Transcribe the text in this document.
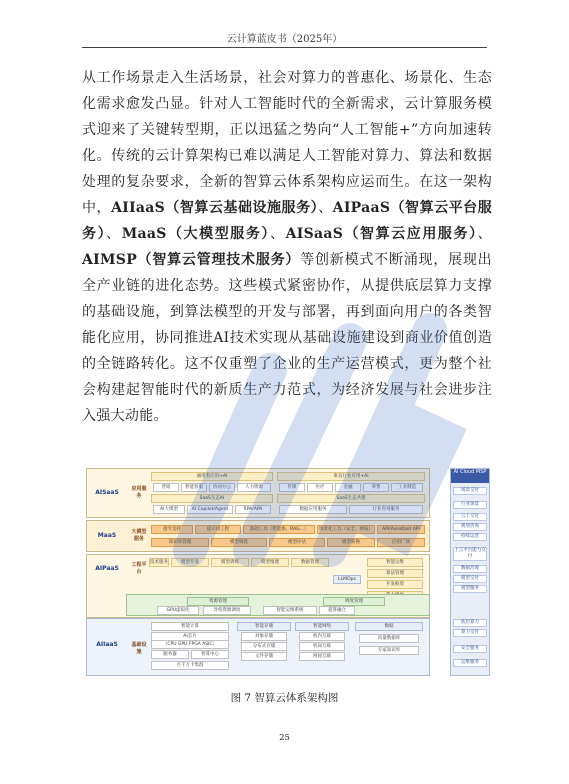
云计算蓝皮书（2025年）
从工作场景走入生活场景，社会对算力的普惠化、场景化、生态化需求愈发凸显。针对人工智能时代的全新需求，云计算服务模式迎来了关键转型期，正以迅猛之势向“人工智能+”方向加速转化。传统的云计算架构已难以满足人工智能对算力、算法和数据处理的复杂要求，全新的智算云体系架构应运而生。在这一架构中，AIIaaS（智算云基础设施服务）、AIPaaS（智算云平台服务）、MaaS（大模型服务）、AISaaS（智算云应用服务）、AIMSP（智算云管理技术服务）等创新模式不断涌现，展现出全产业链的进化态势。这些模式紧密协作，从提供底层算力支撑的基础设施，到算法模型的开发与部署，再到面向用户的各类智能化应用，协同推进AI技术实现从基础设施建设到商业价值创造的全链路转化。这不仅重塑了企业的生产运营模式，更为整个社会构建起智能时代的新质生产力范式，为经济发展与社会进步注入强大动能。
AISaaS	应用服务
通用类应用+AI	垂直行业应用+AI
营销	智能客服	协同办公	人力资源	传媒	医疗	金融	零售	工业制造
SaaS生态AI	SaaS生态共建
AI大模型	AI Copilot/Agent	RPA/APA	数据应用服务	行业咨询服务
MaaS	大模型服务
指令支持	提示词工程	基础工具（智能体、RAG...）	场景化工具（安全、财报）	API/Assistant API
知识库管理	模型调优	模型评估	模型转换	应用广场
AIPaaS	工程平台
技术服务	模型开发	模型训练	模型推理	数据管理
LLMOps
智能运维
算法管理
开发框架
资源管理
GPU虚拟化	异构资源调度	智能运维系统	超算融合
调度管理
AIIaaS	基础设施
智能计算
AI芯片
（CPU GPU FPGA ASIC）
服务器	智算中心
百千万卡集群
智能存储
对象存储
分布式存储
文件存储
智能网络
机内互联
机间互联
网间互联
数据
向量数据库
专家知识库
AI Cloud MSP
场景交付
行业场景
云上交付
规划咨询
持续运营
上云平台能力交付
数据治理
模型交付
模型服务
底层算力
算力交付
安全服务
运维服务
图 7 智算云体系架构图
25
